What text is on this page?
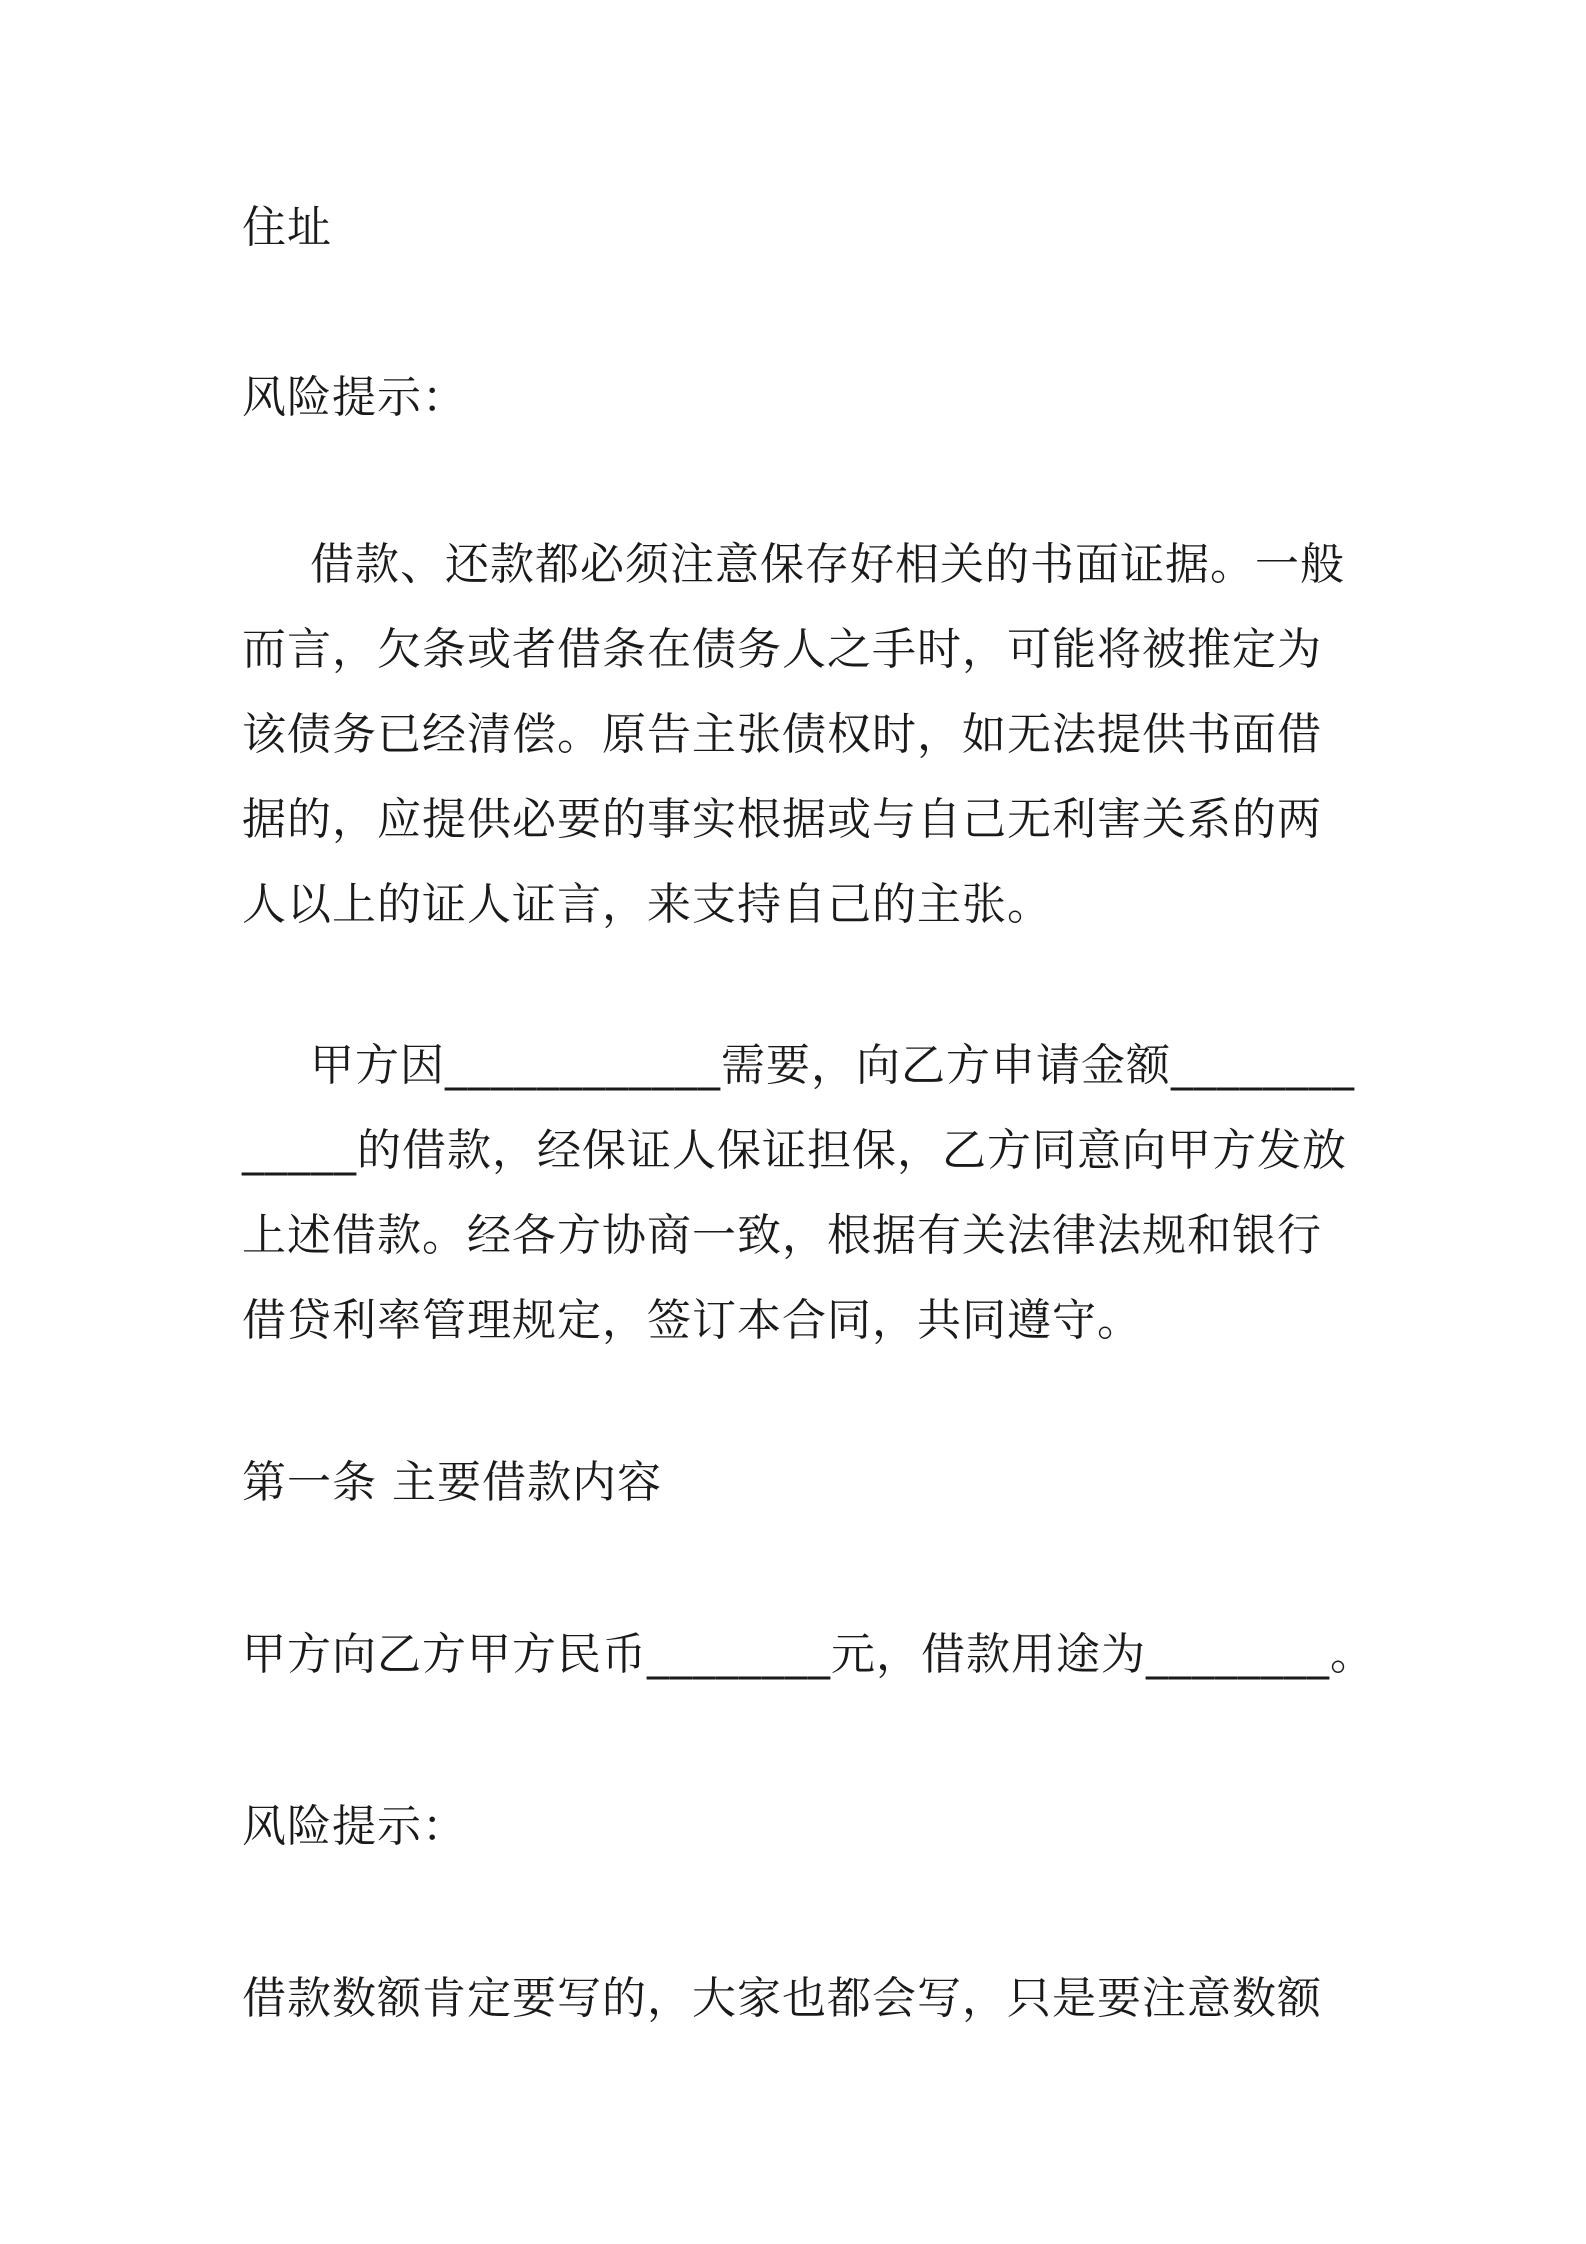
住址

风险提示：

借款、还款都必须注意保存好相关的书面证据。一般而言，欠条或者借条在债务人之手时，可能将被推定为该债务已经清偿。原告主张债权时，如无法提供书面借据的，应提供必要的事实根据或与自己无利害关系的两人以上的证人证言，来支持自己的主张。

甲方因____________需要，向乙方申请金额_____________的借款，经保证人保证担保，乙方同意向甲方发放上述借款。经各方协商一致，根据有关法律法规和银行借贷利率管理规定，签订本合同，共同遵守。

第一条 主要借款内容

甲方向乙方甲方民币________元，借款用途为________。

风险提示：

借款数额肯定要写的，大家也都会写，只是要注意数额
